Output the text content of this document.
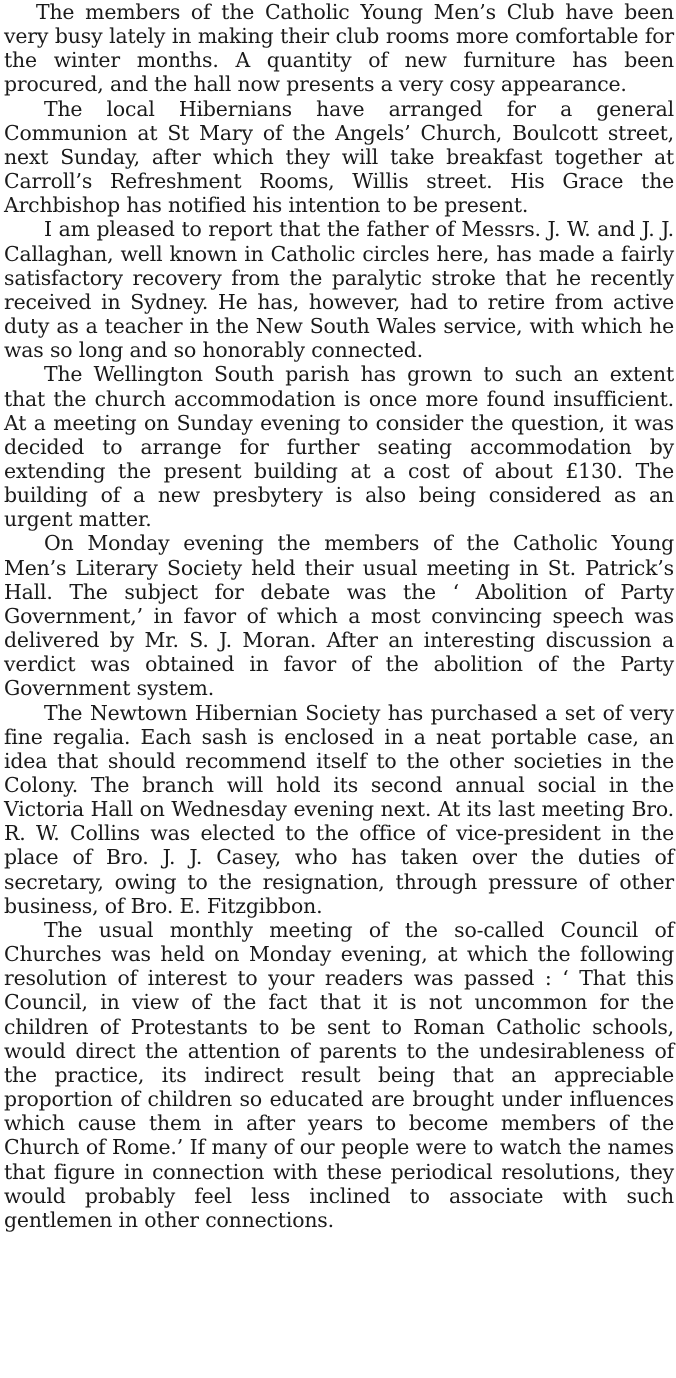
The members of the Catholic Young Men’s Club have been very busy lately in making their club rooms more comfortable for the winter months. A quantity of new furniture has been procured, and the hall now presents a very cosy appearance.

The local Hibernians have arranged for a general Communion at St Mary of the Angels’ Church, Boulcott street, next Sunday, after which they will take breakfast together at Carroll’s Refreshment Rooms, Willis street. His Grace the Archbishop has notified his intention to be present.

I am pleased to report that the father of Messrs. J. W. and J. J. Callaghan, well known in Catholic circles here, has made a fairly satisfactory recovery from the paralytic stroke that he recently received in Sydney. He has, however, had to retire from active duty as a teacher in the New South Wales service, with which he was so long and so honorably connected.

The Wellington South parish has grown to such an extent that the church accommodation is once more found insufficient. At a meeting on Sunday evening to consider the question, it was decided to arrange for further seating accommodation by extending the present building at a cost of about £130. The building of a new presbytery is also being considered as an urgent matter.

On Monday evening the members of the Catholic Young Men’s Literary Society held their usual meeting in St. Patrick’s Hall. The subject for debate was the ‘ Abolition of Party Government,’ in favor of which a most convincing speech was delivered by Mr. S. J. Moran. After an interesting discussion a verdict was obtained in favor of the abolition of the Party Government system.

The Newtown Hibernian Society has purchased a set of very fine regalia. Each sash is enclosed in a neat portable case, an idea that should recommend itself to the other societies in the Colony. The branch will hold its second annual social in the Victoria Hall on Wednesday evening next. At its last meeting Bro. R. W. Collins was elected to the office of vice-president in the place of Bro. J. J. Casey, who has taken over the duties of secretary, owing to the resignation, through pressure of other business, of Bro. E. Fitzgibbon.

The usual monthly meeting of the so-called Council of Churches was held on Monday evening, at which the following resolution of interest to your readers was passed : ‘ That this Council, in view of the fact that it is not uncommon for the children of Protestants to be sent to Roman Catholic schools, would direct the attention of parents to the undesirableness of the practice, its indirect result being that an appreciable proportion of children so educated are brought under influences which cause them in after years to become members of the Church of Rome.’ If many of our people were to watch the names that figure in connection with these periodical resolutions, they would probably feel less inclined to associate with such gentlemen in other connections.
